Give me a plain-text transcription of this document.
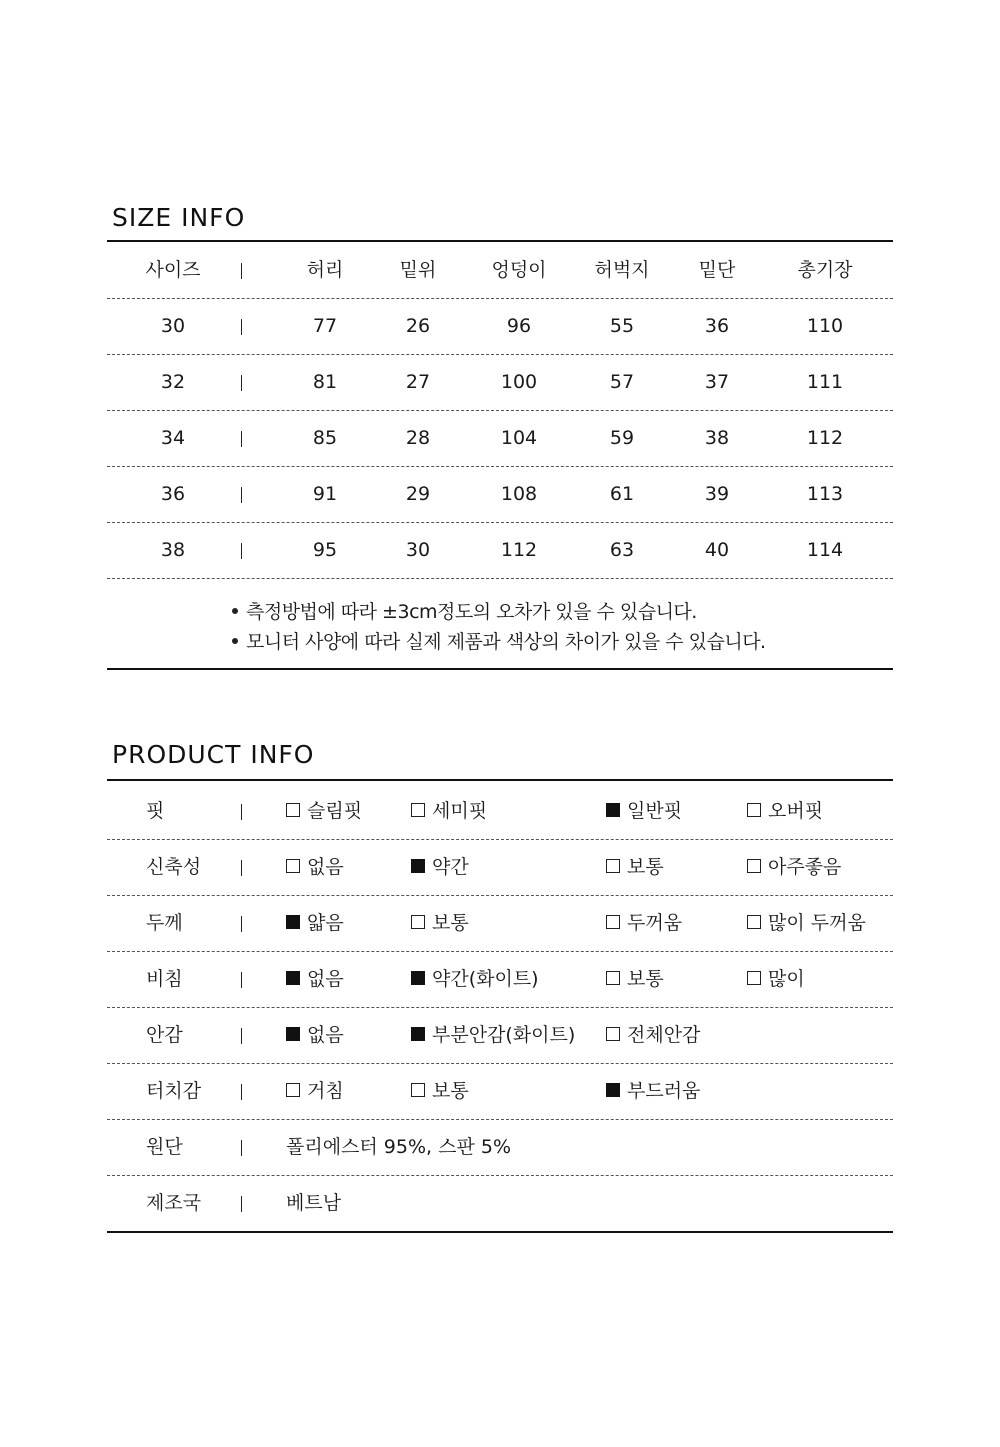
SIZE INFO
사이즈	허리	밑위	엉덩이	허벅지	밑단	총기장
30	77	26	96	55	36	110
32	81	27	100	57	37	111
34	85	28	104	59	38	112
36	91	29	108	61	39	113
38	95	30	112	63	40	114
측정방법에 따라 ±3cm정도의 오차가 있을 수 있습니다.
모니터 사양에 따라 실제 제품과 색상의 차이가 있을 수 있습니다.
PRODUCT INFO
핏	슬림핏	세미핏	일반핏	오버핏
신축성	없음	약간	보통	아주좋음
두께	얇음	보통	두꺼움	많이 두꺼움
비침	없음	약간(화이트)	보통	많이
안감	없음	부분안감(화이트)	전체안감
터치감	거침	보통	부드러움
원단	폴리에스터 95%, 스판 5%
제조국	베트남
